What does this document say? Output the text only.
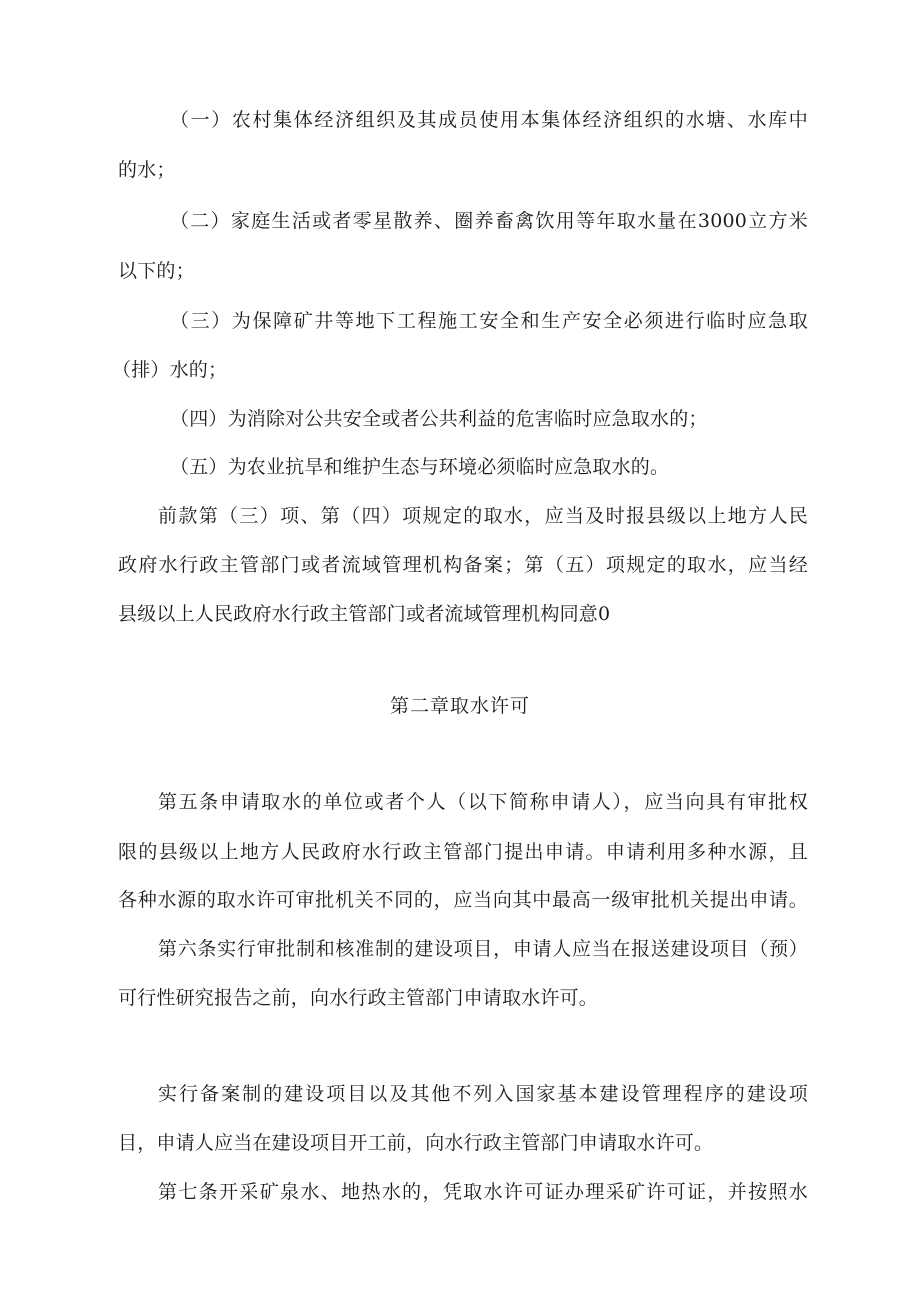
（一）农村集体经济组织及其成员使用本集体经济组织的水塘、水库中
的水；
（二）家庭生活或者零星散养、圈养畜禽饮用等年取水量在3000立方米
以下的；
（三）为保障矿井等地下工程施工安全和生产安全必须进行临时应急取
（排）水的；
（四）为消除对公共安全或者公共利益的危害临时应急取水的；
（五）为农业抗旱和维护生态与环境必须临时应急取水的。
前款第（三）项、第（四）项规定的取水，应当及时报县级以上地方人民
政府水行政主管部门或者流域管理机构备案；第（五）项规定的取水，应当经
县级以上人民政府水行政主管部门或者流域管理机构同意0
第二章取水许可
第五条申请取水的单位或者个人（以下简称申请人），应当向具有审批权
限的县级以上地方人民政府水行政主管部门提出申请。申请利用多种水源，且
各种水源的取水许可审批机关不同的，应当向其中最高一级审批机关提出申请。
第六条实行审批制和核准制的建设项目，申请人应当在报送建设项目（预）
可行性研究报告之前，向水行政主管部门申请取水许可。
实行备案制的建设项目以及其他不列入国家基本建设管理程序的建设项
目，申请人应当在建设项目开工前，向水行政主管部门申请取水许可。
第七条开采矿泉水、地热水的，凭取水许可证办理采矿许可证，并按照水
